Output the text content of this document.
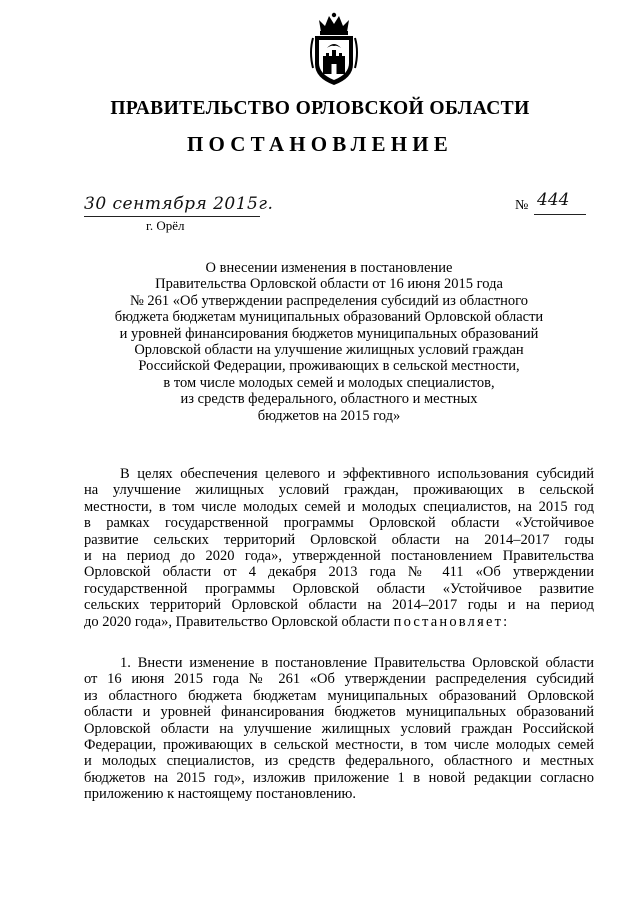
ПРАВИТЕЛЬСТВО ОРЛОВСКОЙ ОБЛАСТИ
ПОСТАНОВЛЕНИЕ
30 сентября 2015г.
г. Орёл
№ 444
О внесении изменения в постановление
Правительства Орловской области от 16 июня 2015 года
№ 261 «Об утверждении распределения субсидий из областного
бюджета бюджетам муниципальных образований Орловской области
и уровней финансирования бюджетов муниципальных образований
Орловской области на улучшение жилищных условий граждан
Российской Федерации, проживающих в сельской местности,
в том числе молодых семей и молодых специалистов,
из средств федерального, областного и местных
бюджетов на 2015 год»
В целях обеспечения целевого и эффективного использования субсидий
на улучшение жилищных условий граждан, проживающих в сельской
местности, в том числе молодых семей и молодых специалистов, на 2015 год
в рамках государственной программы Орловской области «Устойчивое
развитие сельских территорий Орловской области на 2014–2017 годы
и на период до 2020 года», утвержденной постановлением Правительства
Орловской области от 4 декабря 2013 года № 411 «Об утверждении
государственной программы Орловской области «Устойчивое развитие
сельских территорий Орловской области на 2014–2017 годы и на период
до 2020 года», Правительство Орловской области постановляет:
1. Внести изменение в постановление Правительства Орловской области
от 16 июня 2015 года № 261 «Об утверждении распределения субсидий
из областного бюджета бюджетам муниципальных образований Орловской
области и уровней финансирования бюджетов муниципальных образований
Орловской области на улучшение жилищных условий граждан Российской
Федерации, проживающих в сельской местности, в том числе молодых семей
и молодых специалистов, из средств федерального, областного и местных
бюджетов на 2015 год», изложив приложение 1 в новой редакции согласно
приложению к настоящему постановлению.
